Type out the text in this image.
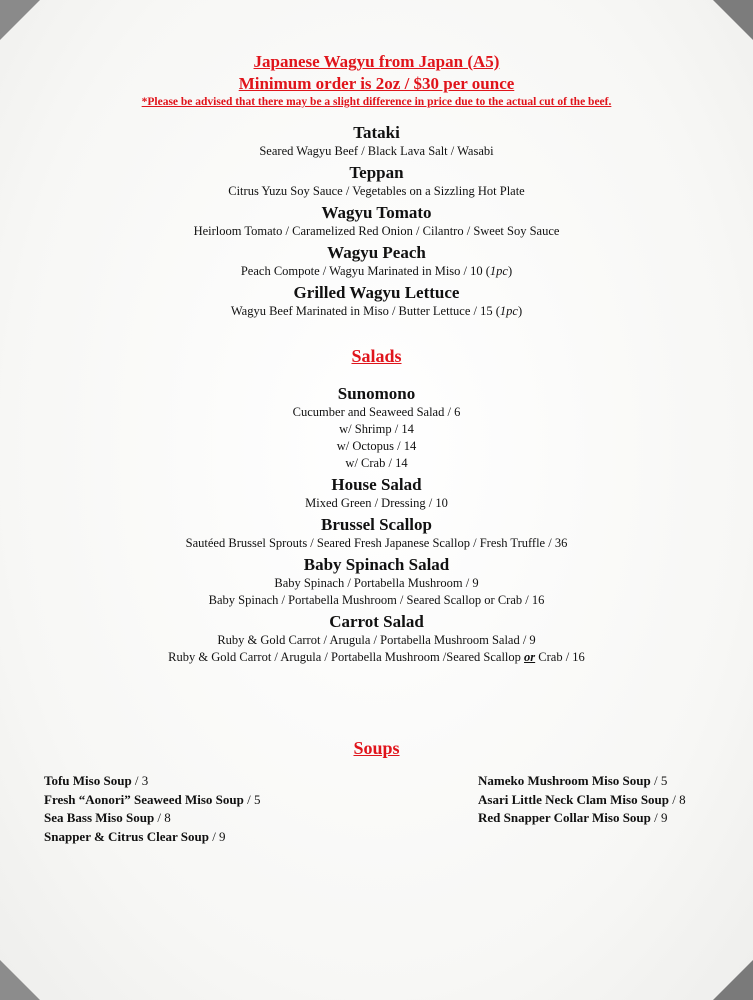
Japanese Wagyu from Japan (A5)
Minimum order is 2oz / $30 per ounce
*Please be advised that there may be a slight difference in price due to the actual cut of the beef.
Tataki
Seared Wagyu Beef / Black Lava Salt / Wasabi
Teppan
Citrus Yuzu Soy Sauce / Vegetables on a Sizzling Hot Plate
Wagyu Tomato
Heirloom Tomato / Caramelized Red Onion / Cilantro / Sweet Soy Sauce
Wagyu Peach
Peach Compote / Wagyu Marinated in Miso / 10 (1pc)
Grilled Wagyu Lettuce
Wagyu Beef Marinated in Miso / Butter Lettuce / 15 (1pc)
Salads
Sunomono
Cucumber and Seaweed Salad / 6
w/ Shrimp / 14
w/ Octopus / 14
w/ Crab / 14
House Salad
Mixed Green / Dressing / 10
Brussel Scallop
Sautéed Brussel Sprouts / Seared Fresh Japanese Scallop / Fresh Truffle / 36
Baby Spinach Salad
Baby Spinach / Portabella Mushroom / 9
Baby Spinach / Portabella Mushroom / Seared Scallop or Crab / 16
Carrot Salad
Ruby & Gold Carrot / Arugula / Portabella Mushroom Salad / 9
Ruby & Gold Carrot / Arugula / Portabella Mushroom /Seared Scallop or Crab / 16
Soups
Tofu Miso Soup / 3
Fresh “Aonori” Seaweed Miso Soup / 5
Sea Bass Miso Soup / 8
Snapper & Citrus Clear Soup / 9
Nameko Mushroom Miso Soup / 5
Asari Little Neck Clam Miso Soup / 8
Red Snapper Collar Miso Soup / 9
